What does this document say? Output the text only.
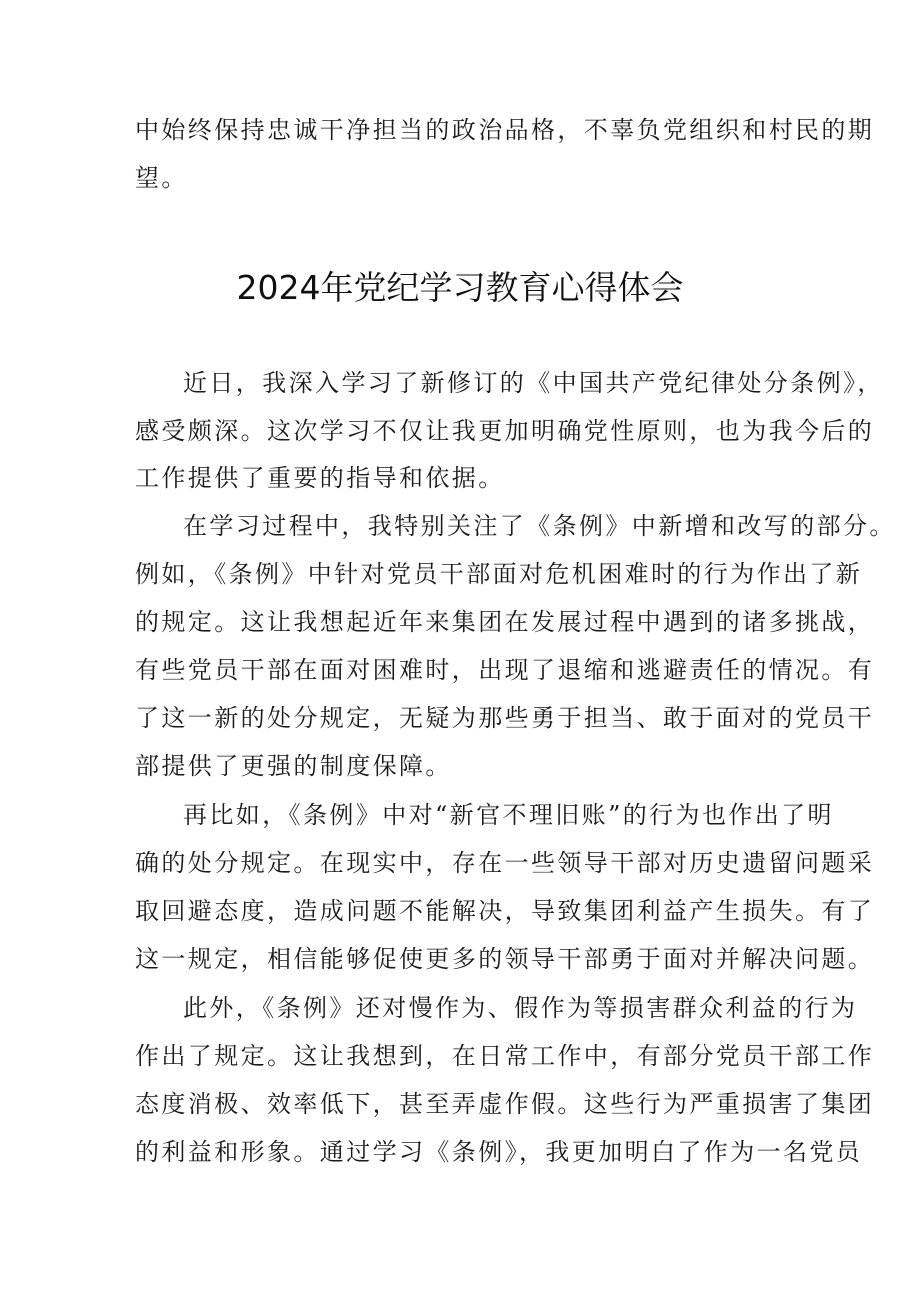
中始终保持忠诚干净担当的政治品格，不辜负党组织和村民的期
望。
2024年党纪学习教育心得体会
近日，我深入学习了新修订的《中国共产党纪律处分条例》，
感受颇深。这次学习不仅让我更加明确党性原则，也为我今后的
工作提供了重要的指导和依据。
在学习过程中，我特别关注了《条例》中新增和改写的部分。
例如，《条例》中针对党员干部面对危机困难时的行为作出了新
的规定。这让我想起近年来集团在发展过程中遇到的诸多挑战，
有些党员干部在面对困难时，出现了退缩和逃避责任的情况。有
了这一新的处分规定，无疑为那些勇于担当、敢于面对的党员干
部提供了更强的制度保障。
再比如，《条例》中对“新官不理旧账”的行为也作出了明
确的处分规定。在现实中，存在一些领导干部对历史遗留问题采
取回避态度，造成问题不能解决，导致集团利益产生损失。有了
这一规定，相信能够促使更多的领导干部勇于面对并解决问题。
此外，《条例》还对慢作为、假作为等损害群众利益的行为
作出了规定。这让我想到，在日常工作中，有部分党员干部工作
态度消极、效率低下，甚至弄虚作假。这些行为严重损害了集团
的利益和形象。通过学习《条例》，我更加明白了作为一名党员
